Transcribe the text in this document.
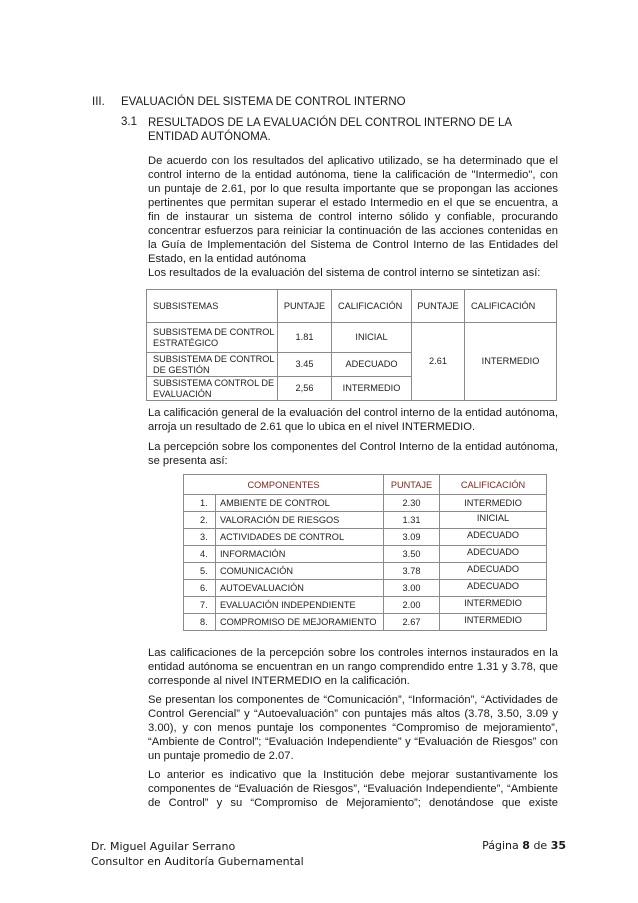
III. EVALUACIÓN DEL SISTEMA DE CONTROL INTERNO
3.1 RESULTADOS DE LA EVALUACIÓN DEL CONTROL INTERNO DE LA ENTIDAD AUTÓNOMA.

De acuerdo con los resultados del aplicativo utilizado, se ha determinado que el control interno de la entidad autónoma, tiene la calificación de "Intermedio", con un puntaje de 2.61, por lo que resulta importante que se propongan las acciones pertinentes que permitan superar el estado Intermedio en el que se encuentra, a fin de instaurar un sistema de control interno sólido y confiable, procurando concentrar esfuerzos para reiniciar la continuación de las acciones contenidas en la Guía de Implementación del Sistema de Control Interno de las Entidades del Estado, en la entidad autónoma

Los resultados de la evaluación del sistema de control interno se sintetizan así:

SUBSISTEMAS	PUNTAJE	CALIFICACIÓN	PUNTAJE	CALIFICACIÓN
SUBSISTEMA DE CONTROL ESTRATÉGICO	1.81	INICIAL	2.61	INTERMEDIO
SUBSISTEMA DE CONTROL DE GESTIÓN	3.45	ADECUADO		
SUBSISTEMA CONTROL DE EVALUACIÓN	2,56	INTERMEDIO		

La calificación general de la evaluación del control interno de la entidad autónoma, arroja un resultado de 2.61 que lo ubica en el nivel INTERMEDIO.

La percepción sobre los componentes del Control Interno de la entidad autónoma, se presenta así:

COMPONENTES		PUNTAJE	CALIFICACIÓN
1.	AMBIENTE DE CONTROL	2.30	INTERMEDIO
2.	VALORACIÓN DE RIESGOS	1.31	INICIAL
3.	ACTIVIDADES DE CONTROL	3.09	ADECUADO
4.	INFORMACIÓN	3.50	ADECUADO
5.	COMUNICACIÓN	3.78	ADECUADO
6.	AUTOEVALUACIÓN	3.00	ADECUADO
7.	EVALUACIÓN INDEPENDIENTE	2.00	INTERMEDIO
8.	COMPROMISO DE MEJORAMIENTO	2.67	INTERMEDIO

Las calificaciones de la percepción sobre los controles internos instaurados en la entidad autónoma se encuentran en un rango comprendido entre 1.31 y 3.78, que corresponde al nivel INTERMEDIO en la calificación.

Se presentan los componentes de “Comunicación”, “Información”, “Actividades de Control Gerencial” y “Autoevaluación” con puntajes más altos (3.78, 3.50, 3.09 y 3.00), y con menos puntaje los componentes “Compromiso de mejoramiento”, “Ambiente de Control”; “Evaluación Independiente” y “Evaluación de Riesgos” con un puntaje promedio de 2.07.

Lo anterior es indicativo que la Institución debe mejorar sustantivamente los componentes de “Evaluación de Riesgos”, “Evaluación Independiente”, “Ambiente de Control” y su “Compromiso de Mejoramiento”; denotándose que existe

Dr. Miguel Aguilar Serrano
Consultor en Auditoría Gubernamental
Página 8 de 35
